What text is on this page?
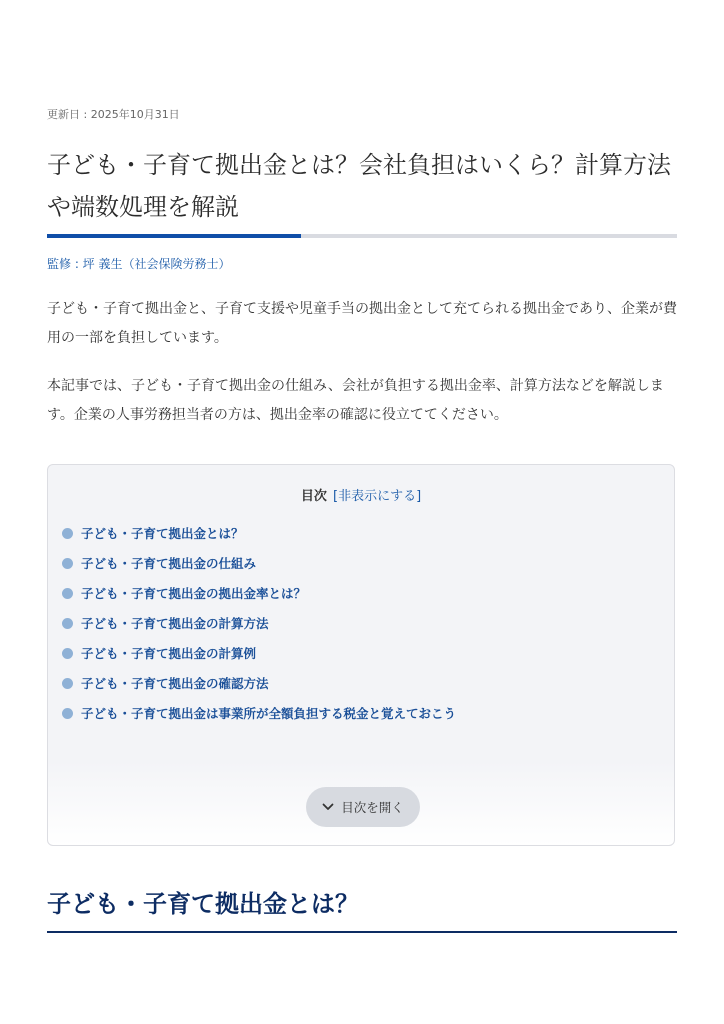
更新日 : 2025年10月31日
子ども・子育て拠出金とは？会社負担はいくら？計算方法や端数処理を解説
監修 : 坪 義生（社会保険労務士）

子ども・子育て拠出金と、子育て支援や児童手当の拠出金として充てられる拠出金であり、企業が費用の一部を負担しています。

本記事では、子ども・子育て拠出金の仕組み、会社が負担する拠出金率、計算方法などを解説します。企業の人事労務担当者の方は、拠出金率の確認に役立ててください。

目次 [非表示にする]
子ども・子育て拠出金とは？
子ども・子育て拠出金の仕組み
子ども・子育て拠出金の拠出金率とは？
子ども・子育て拠出金の計算方法
子ども・子育て拠出金の計算例
子ども・子育て拠出金の確認方法
子ども・子育て拠出金は事業所が全額負担する税金と覚えておこう
目次を開く
子ども・子育て拠出金とは？
